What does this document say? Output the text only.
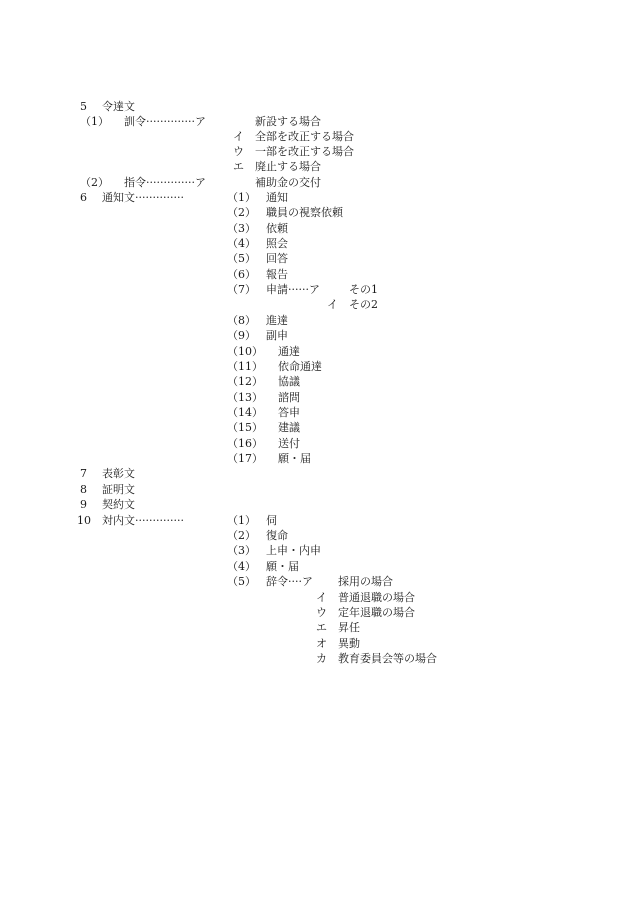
5 令達文
（1） 訓令··············ア	新設する場合
イ 全部を改正する場合
ウ 一部を改正する場合
エ 廃止する場合
（2） 指令··············ア	補助金の交付
6 通知文··············	（1） 通知
（2） 職員の視察依頼
（3） 依頼
（4） 照会
（5） 回答
（6） 報告
（7） 申請······ア	その1
イ その2
（8） 進達
（9） 副申
（10） 通達
（11） 依命通達
（12） 協議
（13） 諮問
（14） 答申
（15） 建議
（16） 送付
（17） 願・届
7 表彰文
8 証明文
9 契約文
10 対内文··············	（1） 伺
（2） 復命
（3） 上申・内申
（4） 願・届
（5） 辞令····ア 採用の場合
イ 普通退職の場合
ウ 定年退職の場合
エ 昇任
オ 異動
カ 教育委員会等の場合
